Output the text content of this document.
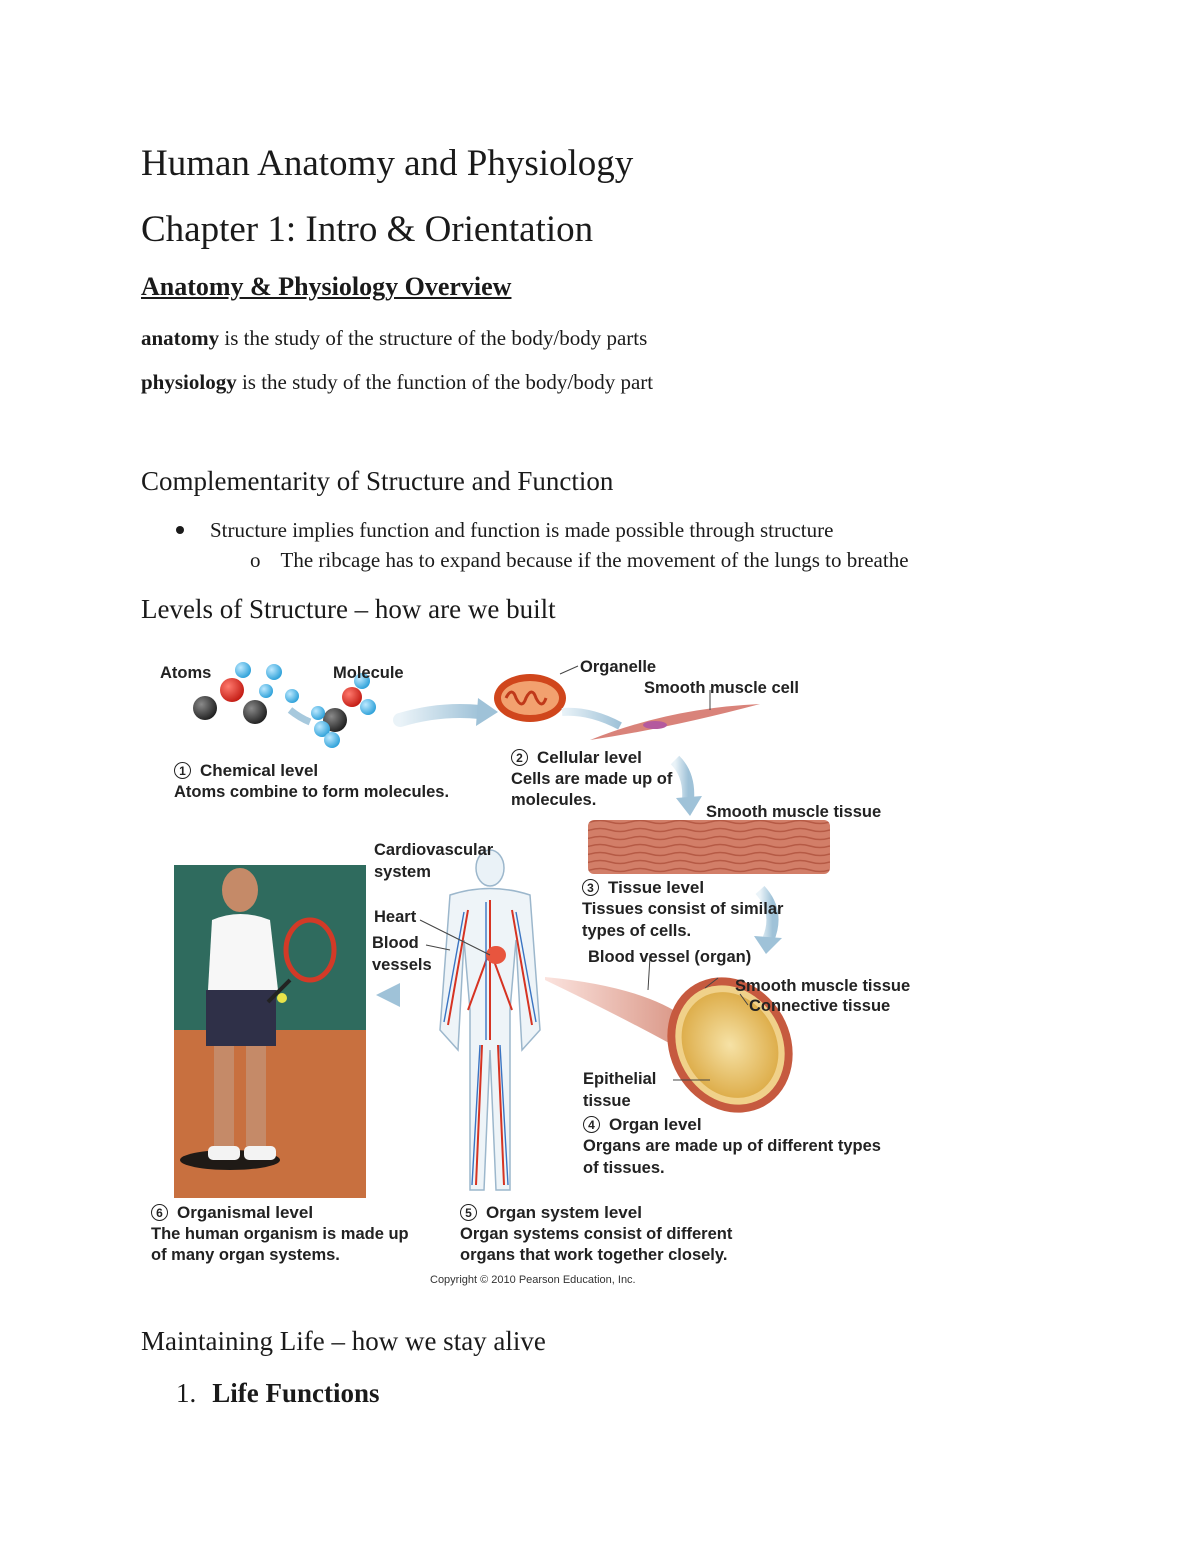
Human Anatomy and Physiology
Chapter 1: Intro & Orientation
Anatomy & Physiology Overview
anatomy is the study of the structure of the body/body parts
physiology is the study of the function of the body/body part
Complementarity of Structure and Function
Structure implies function and function is made possible through structure
o The ribcage has to expand because if the movement of the lungs to breathe
Levels of Structure – how are we built
Atoms	Molecule	Organelle
Smooth muscle cell
1 Chemical level
Atoms combine to form molecules.
2 Cellular level
Cells are made up of
molecules.
Smooth muscle tissue
Cardiovascular
system
Heart
Blood
vessels
3 Tissue level
Tissues consist of similar
types of cells.
Blood vessel (organ)
Smooth muscle tissue
Connective tissue
Epithelial
tissue
4 Organ level
Organs are made up of different types
of tissues.
6 Organismal level
The human organism is made up
of many organ systems.
5 Organ system level
Organ systems consist of different
organs that work together closely.
Copyright © 2010 Pearson Education, Inc.
Maintaining Life – how we stay alive
1. Life Functions
